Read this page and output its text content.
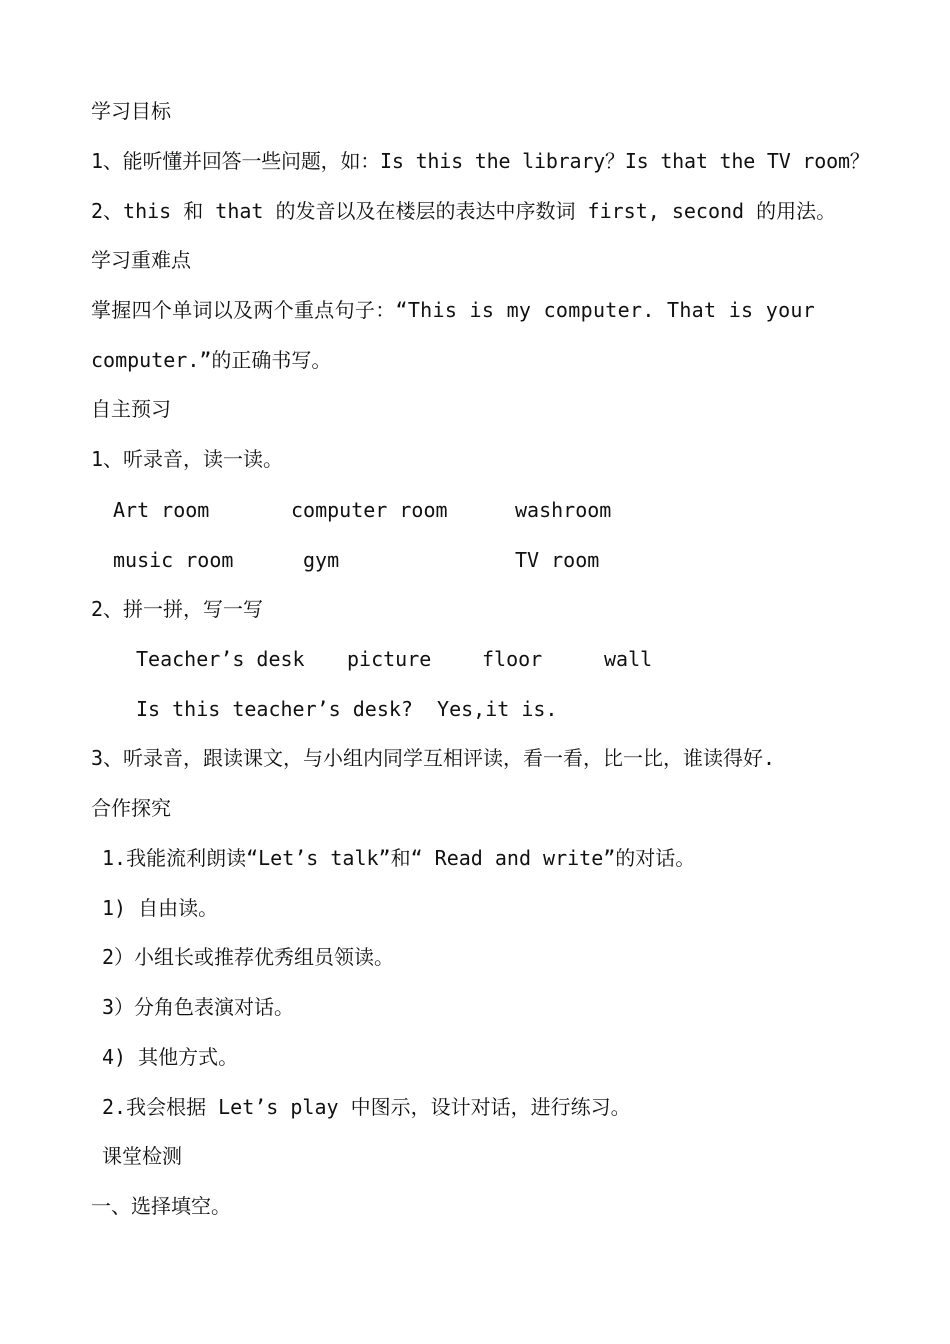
学习目标
1、能听懂并回答一些问题，如：Is this the library？Is that the TV room？
2、this 和 that 的发音以及在楼层的表达中序数词 first, second 的用法。
学习重难点
掌握四个单词以及两个重点句子：“This is my computer. That is your
computer.”的正确书写。
自主预习
1、听录音，读一读。
Art room	computer room	washroom
music room	gym	TV room
2、拼一拼，写一写
Teacher’s desk picture	floor	wall
Is this teacher’s desk?  Yes,it is.
3、听录音，跟读课文，与小组内同学互相评读，看一看，比一比，谁读得好.
合作探究
1.我能流利朗读“Let’s talk”和“ Read and write”的对话。
1) 自由读。
2）小组长或推荐优秀组员领读。
3）分角色表演对话。
4) 其他方式。
2.我会根据 Let’s play 中图示，设计对话，进行练习。
课堂检测
一、选择填空。
